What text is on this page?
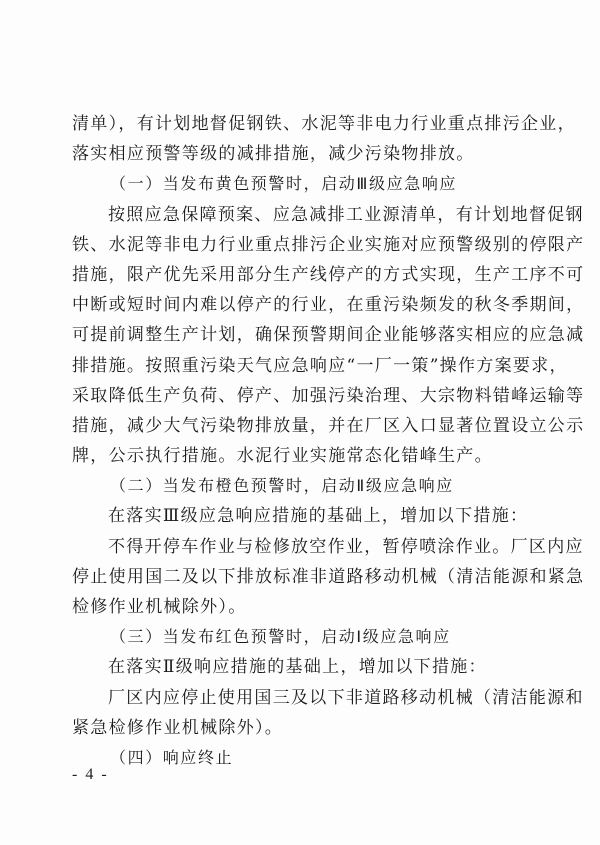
清单），有计划地督促钢铁、水泥等非电力行业重点排污企业，
落实相应预警等级的减排措施，减少污染物排放。
（一）当发布黄色预警时，启动Ⅲ级应急响应
按照应急保障预案、应急减排工业源清单，有计划地督促钢
铁、水泥等非电力行业重点排污企业实施对应预警级别的停限产
措施，限产优先采用部分生产线停产的方式实现，生产工序不可
中断或短时间内难以停产的行业，在重污染频发的秋冬季期间，
可提前调整生产计划，确保预警期间企业能够落实相应的应急减
排措施。按照重污染天气应急响应“一厂一策”操作方案要求，
采取降低生产负荷、停产、加强污染治理、大宗物料错峰运输等
措施，减少大气污染物排放量，并在厂区入口显著位置设立公示
牌，公示执行措施。水泥行业实施常态化错峰生产。
（二）当发布橙色预警时，启动Ⅱ级应急响应
在落实Ⅲ级应急响应措施的基础上，增加以下措施：
不得开停车作业与检修放空作业，暂停喷涂作业。厂区内应
停止使用国二及以下排放标准非道路移动机械（清洁能源和紧急
检修作业机械除外）。
（三）当发布红色预警时，启动Ⅰ级应急响应
在落实Ⅱ级响应措施的基础上，增加以下措施：
厂区内应停止使用国三及以下非道路移动机械（清洁能源和
紧急检修作业机械除外）。
（四）响应终止
- 4 -
